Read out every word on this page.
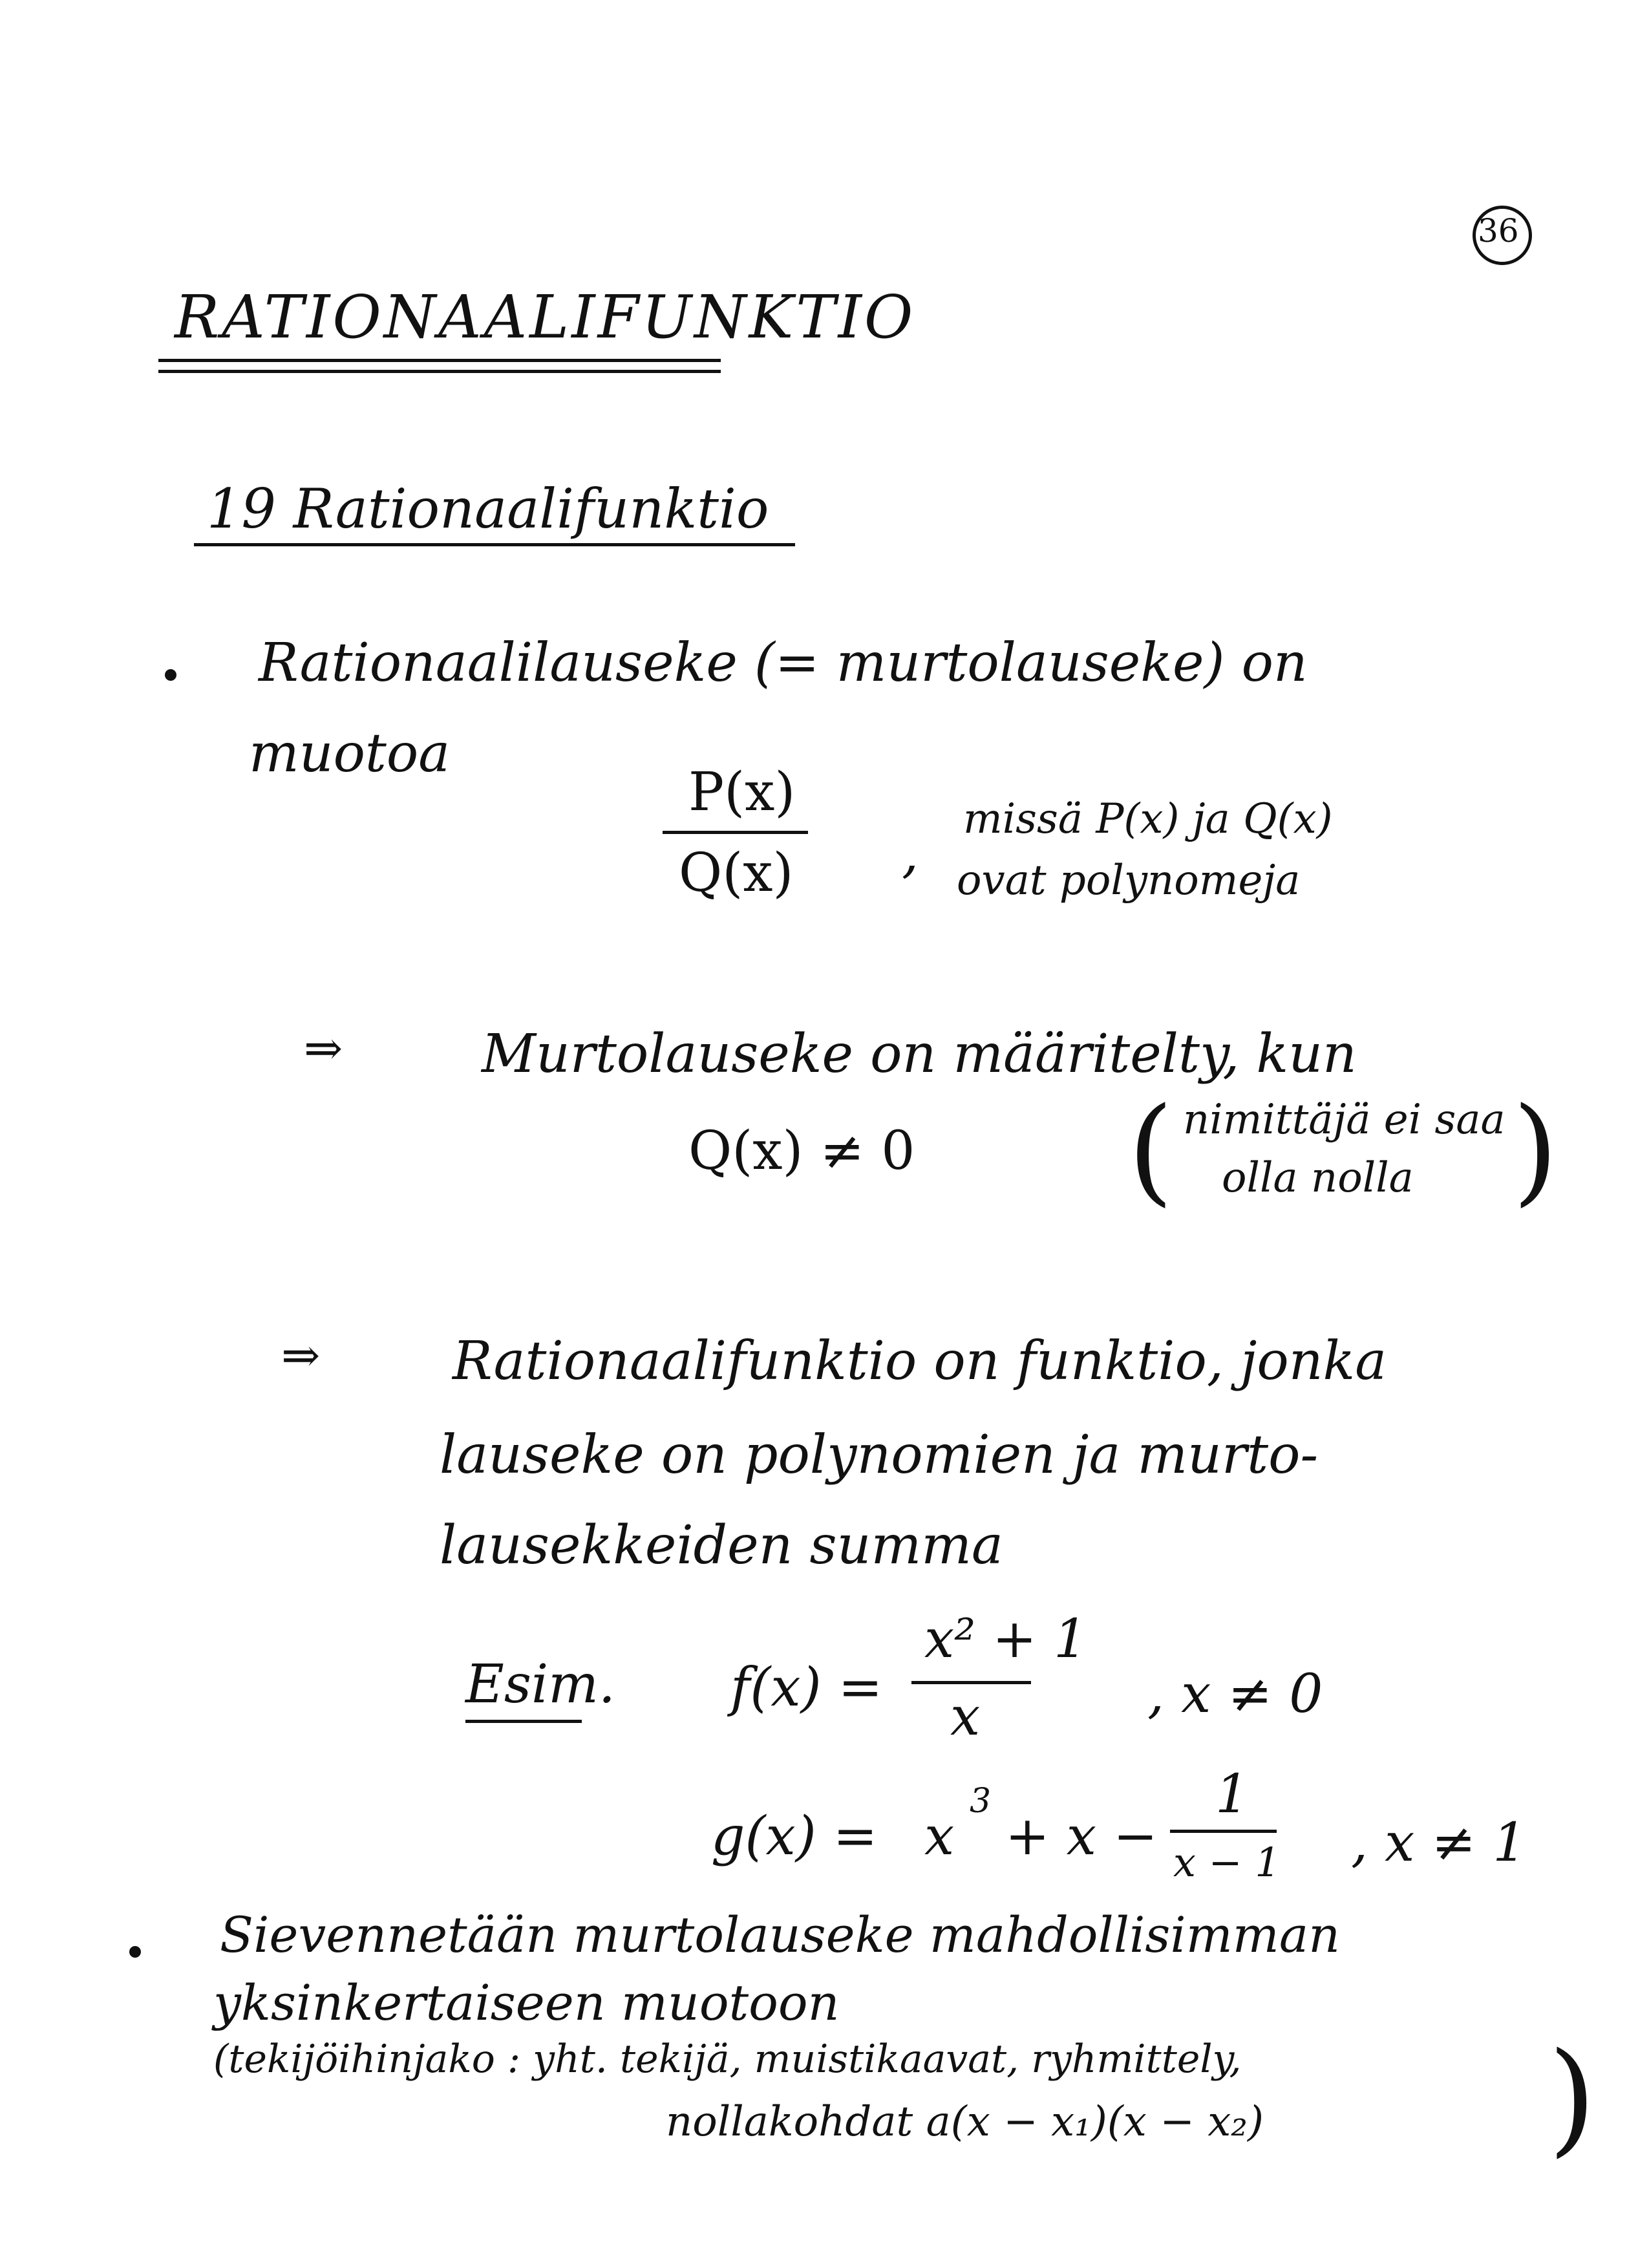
36
RATIONAALIFUNKTIO
19 Rationaalifunktio
Rationaalilauseke (= murtolauseke) on
muotoa
P(x)
Q(x) ,
missä P(x) ja Q(x)
ovat polynomeja
⇒	Murtolauseke on määritelty, kun
Q(x) ≠ 0 ( nimittäjä ei saa
olla nolla )
⇒ Rationaalifunktio on funktio, jonka
lauseke on polynomien ja murto-
lausekkeiden summa
Esim. f(x) =
x² + 1
x	, x ≠ 0
g(x) = x
3
+ x −
1
x − 1 , x ≠ 1
Sievennetään murtolauseke mahdollisimman
yksinkertaiseen muotoon
(tekijöihinjako : yht. tekijä, muistikaavat, ryhmittely,
nollakohdat a(x − x₁)(x − x₂) )
